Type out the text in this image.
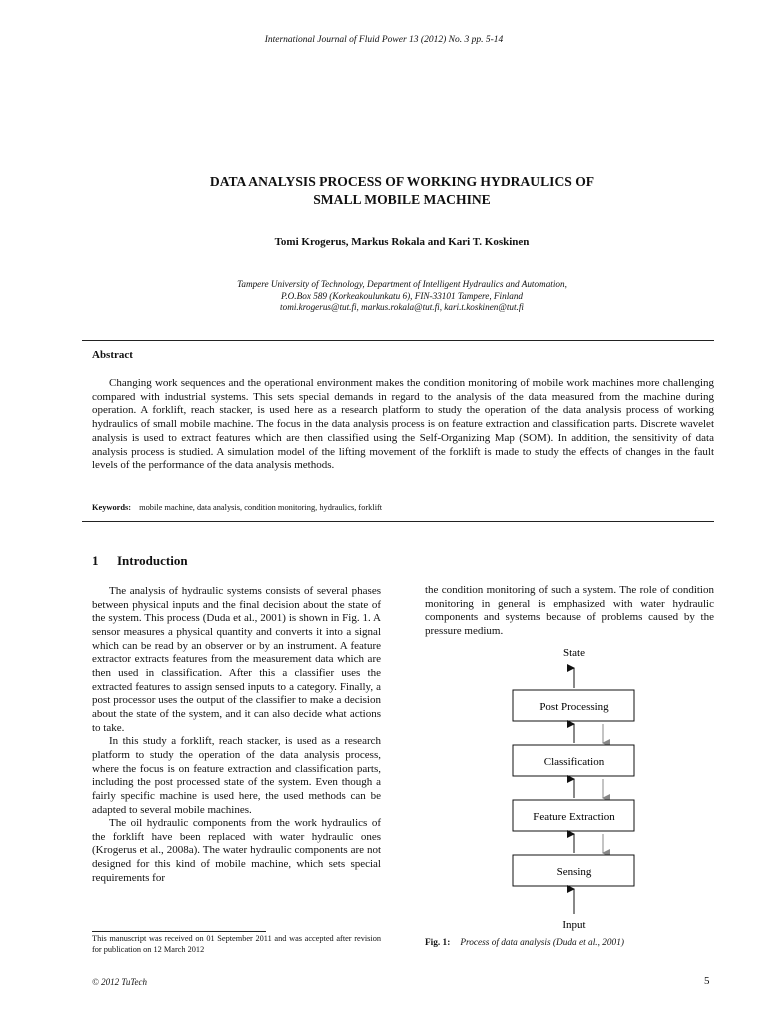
International Journal of Fluid Power 13 (2012) No. 3 pp. 5-14
DATA ANALYSIS PROCESS OF WORKING HYDRAULICS OF
SMALL MOBILE MACHINE
Tomi Krogerus, Markus Rokala and Kari T. Koskinen
Tampere University of Technology, Department of Intelligent Hydraulics and Automation,
P.O.Box 589 (Korkeakoulunkatu 6), FIN-33101 Tampere, Finland
tomi.krogerus@tut.fi, markus.rokala@tut.fi, kari.t.koskinen@tut.fi
Abstract
Changing work sequences and the operational environment makes the condition monitoring of mobile work machines more challenging compared with industrial systems. This sets special demands in regard to the analysis of the data measured from the machine during operation. A forklift, reach stacker, is used here as a research platform to study the operation of the data analysis process of working hydraulics of small mobile machine. The focus in the data analysis process is on feature extraction and classification parts. Discrete wavelet analysis is used to extract features which are then classified using the Self-Organizing Map (SOM). In addition, the sensitivity of data analysis process is studied. A simulation model of the lifting movement of the forklift is made to study the effects of changes in the fault levels of the performance of the data analysis methods.
Keywords: mobile machine, data analysis, condition monitoring, hydraulics, forklift
1 Introduction

The analysis of hydraulic systems consists of several phases between physical inputs and the final decision about the state of the system. This process (Duda et al., 2001) is shown in Fig. 1. A sensor measures a physical quantity and converts it into a signal which can be read by an observer or by an instrument. A feature extractor extracts features from the measurement data which are then used in classification. After this a classifier uses the extracted features to assign sensed inputs to a category. Finally, a post processor uses the output of the classifier to make a decision about the state of the system, and it can also decide what actions to take.

In this study a forklift, reach stacker, is used as a research platform to study the operation of the data analysis process, where the focus is on feature extraction and classification parts, including the post processed state of the system. Even though a fairly specific machine is used here, the used methods can be adapted to several mobile machines.

The oil hydraulic components from the work hydraulics of the forklift have been replaced with water hydraulic ones (Krogerus et al., 2008a). The water hydraulic components are not designed for this kind of mobile machine, which sets special requirements for

the condition monitoring of such a system. The role of condition monitoring in general is emphasized with water hydraulic components and systems because of problems caused by the pressure medium.

State
Post Processing
Classification
Feature Extraction
Sensing
Input
Fig. 1: Process of data analysis (Duda et al., 2001)
This manuscript was received on 01 September 2011 and was accepted after revision for publication on 12 March 2012
© 2012 TuTech	5
